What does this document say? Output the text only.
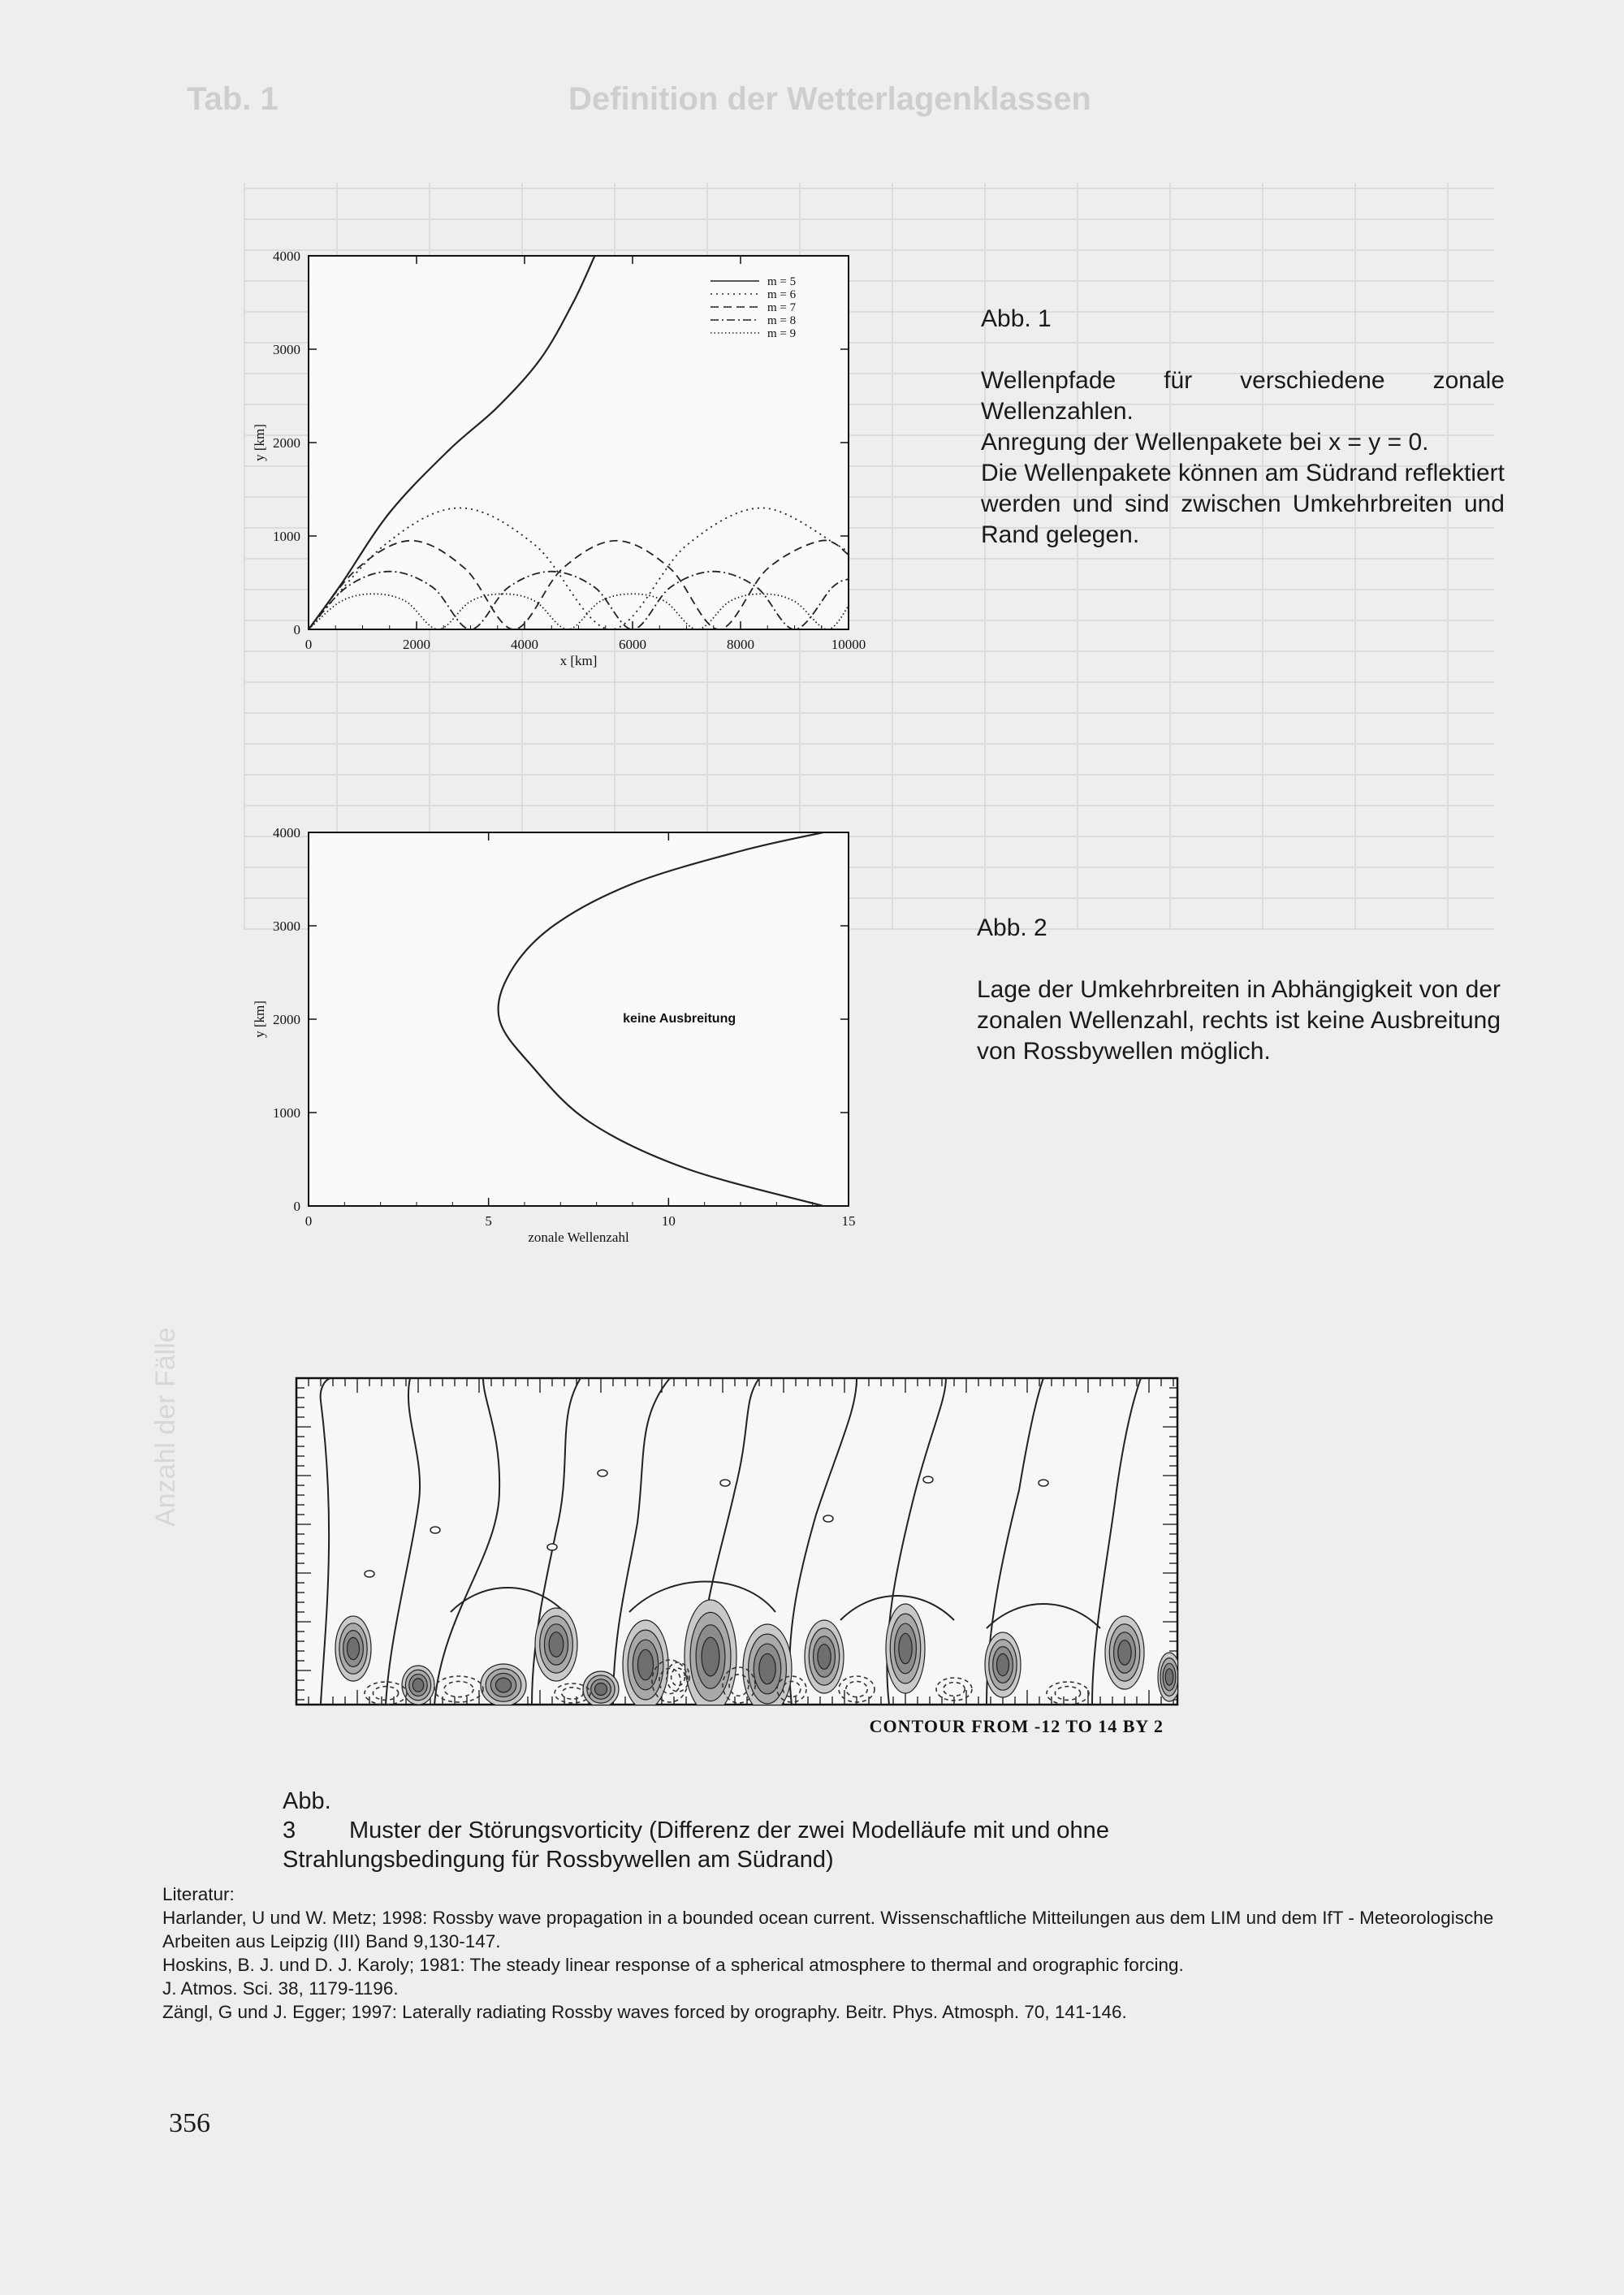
Tab. 1	Definition der Wetterlagenklassen
Anzahl der Fälle
0	2000	4000	6000	8000	10000
0
1000
2000
3000
4000
x [km]
y [km]
m = 5
m = 6
m = 7
m = 8
m = 9
Abb. 1

Wellenpfade für verschiedene zonale Wellenzahlen.

Anregung der Wellenpakete bei x = y = 0.

Die Wellenpakete können am Südrand reflektiert werden und sind zwischen Umkehrbreiten und Rand gelegen.

0	5	10	15
0
1000
2000
3000
4000
zonale Wellenzahl
y [km]	keine Ausbreitung
Abb. 2

Lage der Umkehrbreiten in Abhängigkeit von der zonalen Wellenzahl, rechts ist keine Ausbreitung von Rossbywellen möglich.

CONTOUR FROM -12 TO 14 BY 2
Abb. 3 Muster der Störungsvorticity (Differenz der zwei Modelläufe mit und ohne Strahlungsbedingung für Rossbywellen am Südrand)

Literatur:

Harlander, U und W. Metz; 1998: Rossby wave propagation in a bounded ocean current. Wissenschaftliche Mitteilungen aus dem LIM und dem IfT - Meteorologische Arbeiten aus Leipzig (III) Band 9,130-147.

Hoskins, B. J. und D. J. Karoly; 1981: The steady linear response of a spherical atmosphere to thermal and orographic forcing.

J. Atmos. Sci. 38, 1179-1196.

Zängl, G und J. Egger; 1997: Laterally radiating Rossby waves forced by orography. Beitr. Phys. Atmosph. 70, 141-146.

356
